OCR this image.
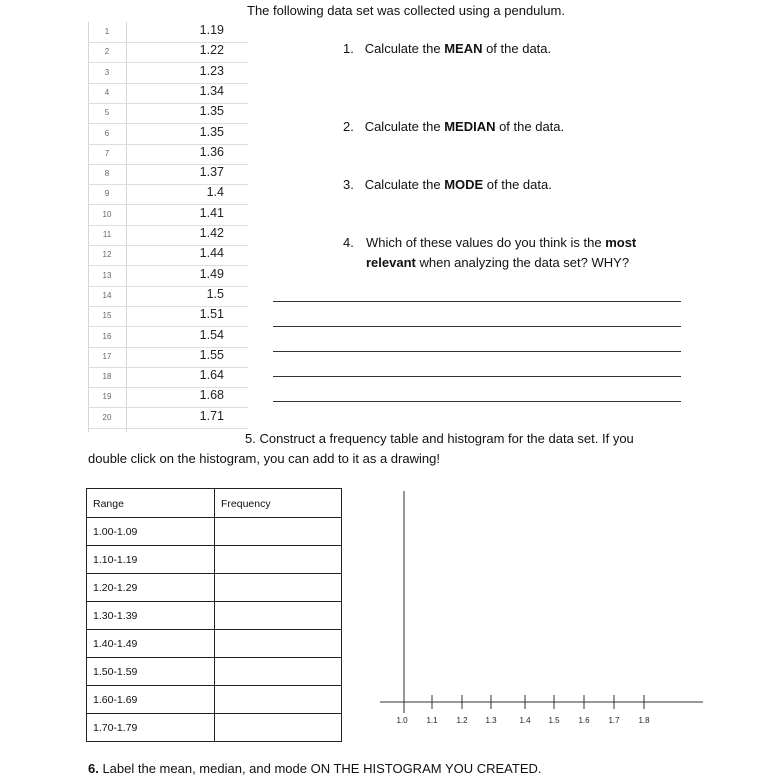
The following data set was collected using a pendulum.
1	1.19
2	1.22
3	1.23
4	1.34
5	1.35
6	1.35
7	1.36
8	1.37
9	1.4
10	1.41
11	1.42
12	1.44
13	1.49
14	1.5
15	1.51
16	1.54
17	1.55
18	1.64
19	1.68
20	1.71
1. Calculate the MEAN of the data.
2. Calculate the MEDIAN of the data.
3. Calculate the MODE of the data.
4. Which of these values do you think is the most
relevant when analyzing the data set? WHY?
5. Construct a frequency table and histogram for the data set. If you
double click on the histogram, you can add to it as a drawing!
Range	Frequency
1.00-1.09	
1.10-1.19	
1.20-1.29	
1.30-1.39	
1.40-1.49	
1.50-1.59	
1.60-1.69	
1.70-1.79	
1.0 1.1 1.2 1.3	1.4 1.5 1.6 1.7 1.8
6. Label the mean, median, and mode ON THE HISTOGRAM YOU CREATED.
